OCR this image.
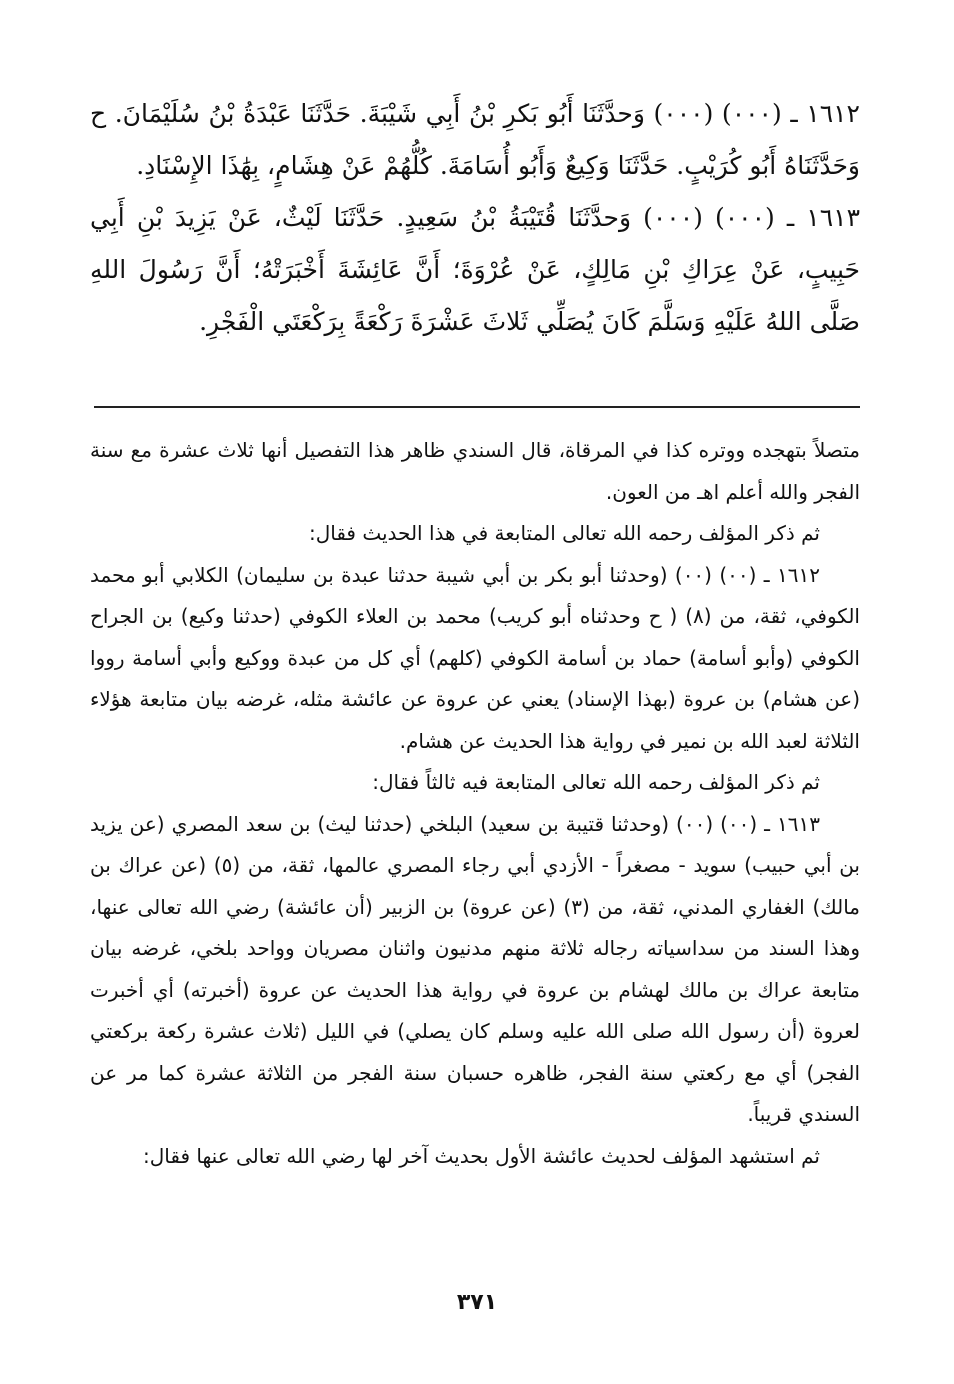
١٦١٢ ـ (٠٠٠) (٠٠٠) وَحدَّثَنَا أَبُو بَكرِ بْنُ أَبِي شَيْبَةَ. حَدَّثَنَا عَبْدَةُ بْنُ سُلَيْمَانَ. ح وَحَدَّثَنَاهُ أَبُو كُرَيْبٍ. حَدَّثَنَا وَكِيعٌ وَأَبُو أُسَامَةَ. كُلُّهُمْ عَنْ هِشَامٍ، بِهَٰذَا الإِسْنَادِ.

١٦١٣ ـ (٠٠٠) (٠٠٠) وَحدَّثَنَا قُتَيْبَةُ بْنُ سَعِيدٍ. حَدَّثَنَا لَيْثٌ، عَنْ يَزِيدَ بْنِ أَبِي حَبِيبٍ، عَنْ عِرَاكِ بْنِ مَالِكٍ، عَنْ عُرْوَةَ؛ أَنَّ عَائِشَةَ أَخْبَرَتْهُ؛ أَنَّ رَسُولَ اللهِ صَلَّى اللهُ عَلَيْهِ وَسَلَّمَ كَانَ يُصَلِّي ثَلاثَ عَشْرَةَ رَكْعَةً بِرَكْعَتَي الْفَجْرِ.

متصلاً بتهجده ووتره كذا في المرقاة، قال السندي ظاهر هذا التفصيل أنها ثلاث عشرة مع سنة الفجر والله أعلم اهـ من العون.

ثم ذكر المؤلف رحمه الله تعالى المتابعة في هذا الحديث فقال:

١٦١٢ ـ (٠٠) (٠٠) (وحدثنا أبو بكر بن أبي شيبة حدثنا عبدة بن سليمان) الكلابي أبو محمد الكوفي، ثقة، من (٨) ( ح وحدثناه أبو كريب) محمد بن العلاء الكوفي (حدثنا وكيع) بن الجراح الكوفي (وأبو أسامة) حماد بن أسامة الكوفي (كلهم) أي كل من عبدة ووكيع وأبي أسامة رووا (عن هشام) بن عروة (بهذا الإسناد) يعني عن عروة عن عائشة مثله، غرضه بيان متابعة هؤلاء الثلاثة لعبد الله بن نمير في رواية هذا الحديث عن هشام.

ثم ذكر المؤلف رحمه الله تعالى المتابعة فيه ثالثاً فقال:

١٦١٣ ـ (٠٠) (٠٠) (وحدثنا قتيبة بن سعيد) البلخي (حدثنا ليث) بن سعد المصري (عن يزيد بن أبي حبيب) سويد - مصغراً - الأزدي أبي رجاء المصري عالمها، ثقة، من (٥) (عن عراك بن مالك) الغفاري المدني، ثقة، من (٣) (عن عروة) بن الزبير (أن عائشة) رضي الله تعالى عنها، وهذا السند من سداسياته رجاله ثلاثة منهم مدنيون واثنان مصريان وواحد بلخي، غرضه بيان متابعة عراك بن مالك لهشام بن عروة في رواية هذا الحديث عن عروة (أخبرته) أي أخبرت لعروة (أن رسول الله صلى الله عليه وسلم كان يصلي) في الليل (ثلاث عشرة ركعة بركعتي الفجر) أي مع ركعتي سنة الفجر، ظاهره حسبان سنة الفجر من الثلاثة عشرة كما مر عن السندي قريباً.

ثم استشهد المؤلف لحديث عائشة الأول بحديث آخر لها رضي الله تعالى عنها فقال:

٣٧١
